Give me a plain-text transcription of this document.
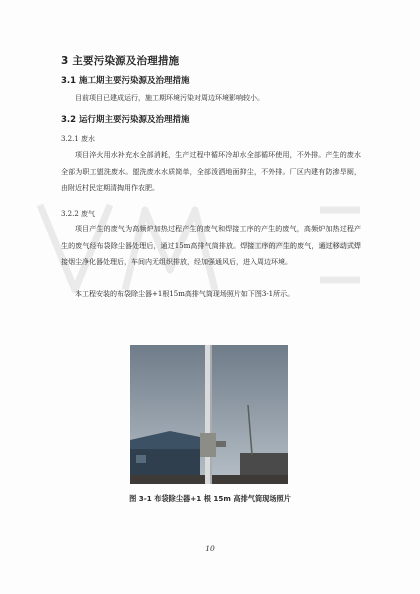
3 主要污染源及治理措施
3.1 施工期主要污染源及治理措施
目前项目已建成运行，施工期环境污染对周边环境影响较小。
3.2 运行期主要污染源及治理措施
3.2.1 废水
项目淬火用水补充水全部消耗，生产过程中循环冷却水全部循环使用，不外排。产生的废水全部为职工盥洗废水。盥洗废水水质简单，全部泼洒地面抑尘，不外排。厂区内建有防渗旱厕，由附近村民定期清掏用作农肥。
3.2.2 废气
项目产生的废气为高频炉加热过程产生的废气和焊接工序的产生的废气，高频炉加热过程产生的废气经布袋除尘器处理后，通过15m高排气筒排放。焊接工序的产生的废气，通过移动式焊接烟尘净化器处理后，车间内无组织排放，经加强通风后，进入周边环境。
本工程安装的布袋除尘器+1根15m高排气筒现场照片如下图3-1所示。
图 3-1 布袋除尘器+1 根 15m 高排气筒现场照片
10
